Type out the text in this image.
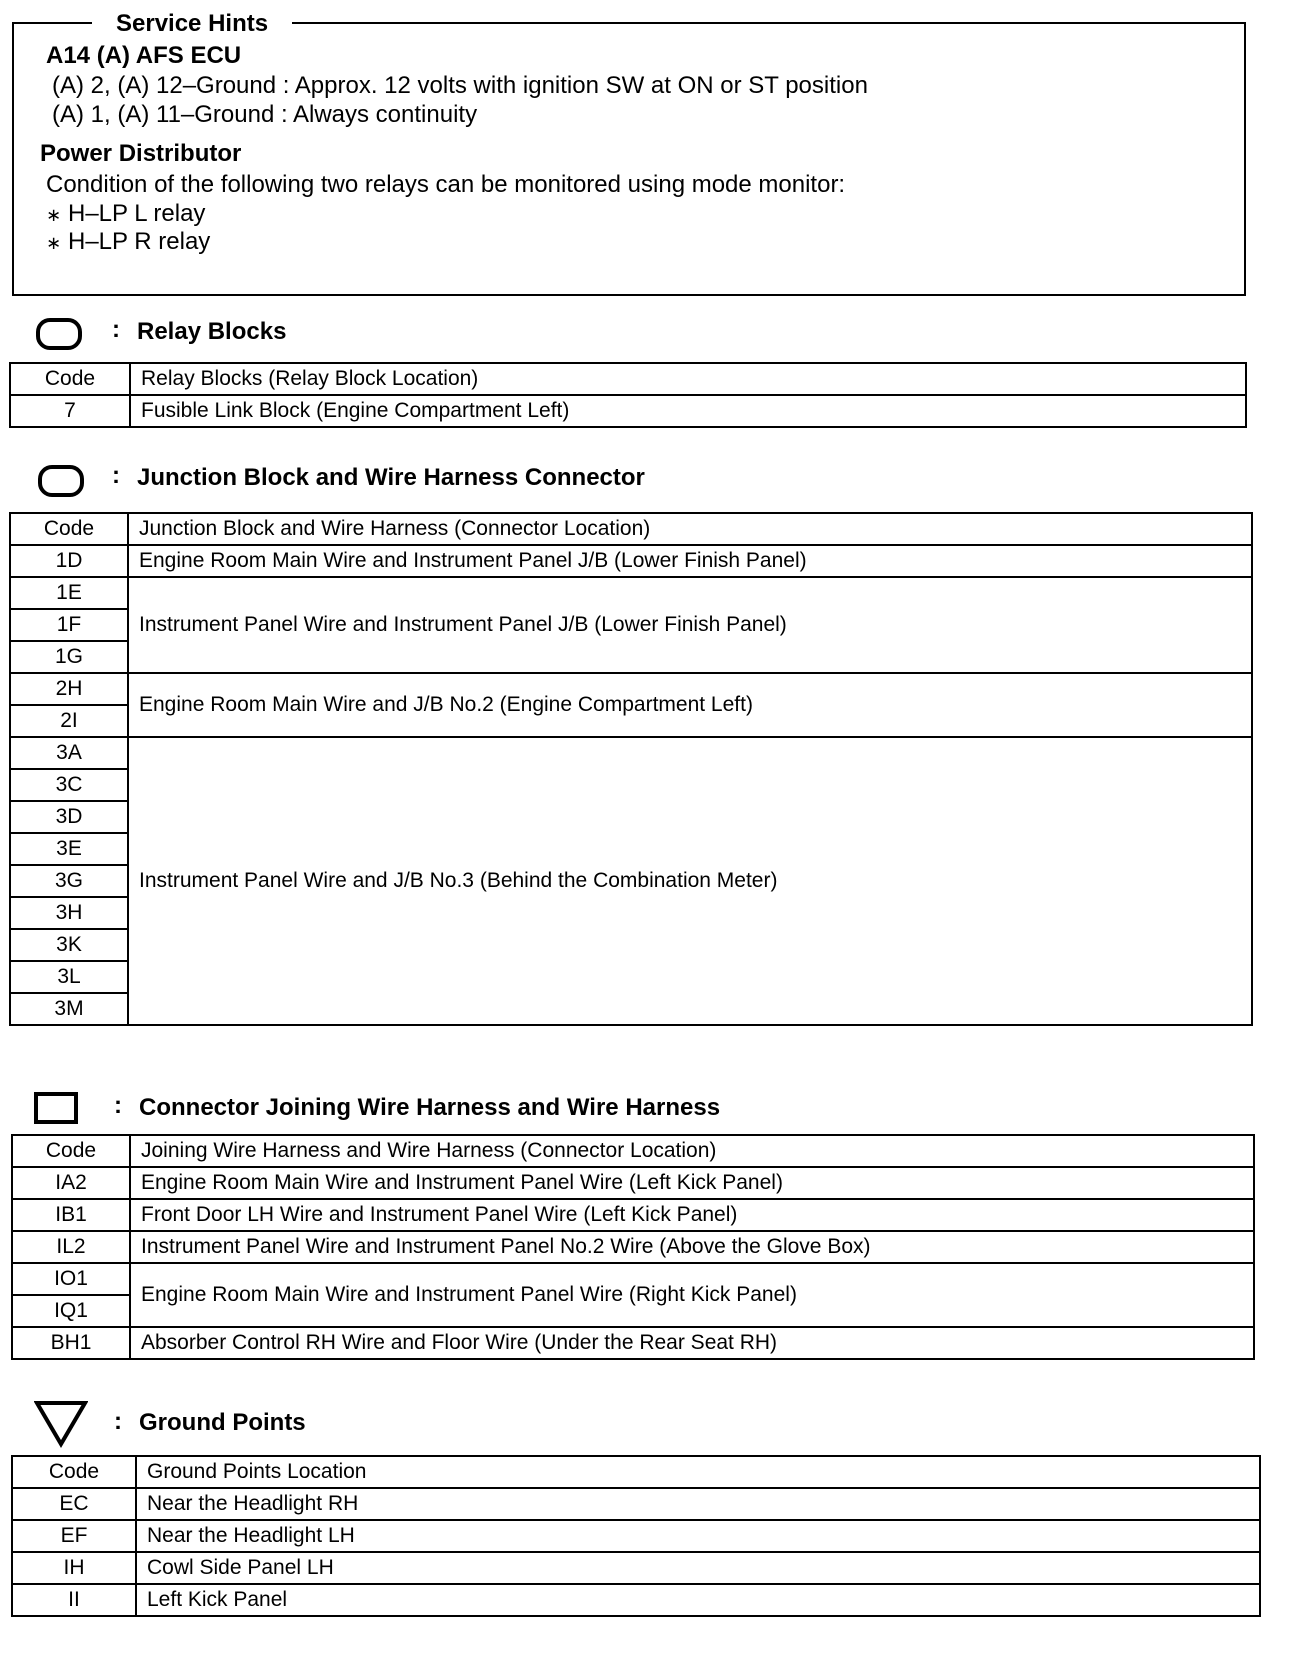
Service Hints
A14 (A) AFS ECU
(A) 2, (A) 12–Ground : Approx. 12 volts with ignition SW at ON or ST position
(A) 1, (A) 11–Ground : Always continuity
Power Distributor
Condition of the following two relays can be monitored using mode monitor:
∗ H–LP L relay
∗ H–LP R relay
: Relay Blocks
Code	Relay Blocks (Relay Block Location)
7	Fusible Link Block (Engine Compartment Left)
: Junction Block and Wire Harness Connector
Code	Junction Block and Wire Harness (Connector Location)
1D	Engine Room Main Wire and Instrument Panel J/B (Lower Finish Panel)
1E	Instrument Panel Wire and Instrument Panel J/B (Lower Finish Panel)
1F	
1G	
2H	Engine Room Main Wire and J/B No.2 (Engine Compartment Left)
2I	
3A	Instrument Panel Wire and J/B No.3 (Behind the Combination Meter)
3C	
3D	
3E	
3G	
3H	
3K	
3L	
3M	
: Connector Joining Wire Harness and Wire Harness
Code	Joining Wire Harness and Wire Harness (Connector Location)
IA2	Engine Room Main Wire and Instrument Panel Wire (Left Kick Panel)
IB1	Front Door LH Wire and Instrument Panel Wire (Left Kick Panel)
IL2	Instrument Panel Wire and Instrument Panel No.2 Wire (Above the Glove Box)
IO1	Engine Room Main Wire and Instrument Panel Wire (Right Kick Panel)
IQ1	
BH1	Absorber Control RH Wire and Floor Wire (Under the Rear Seat RH)
: Ground Points
Code	Ground Points Location
EC	Near the Headlight RH
EF	Near the Headlight LH
IH	Cowl Side Panel LH
II	Left Kick Panel
